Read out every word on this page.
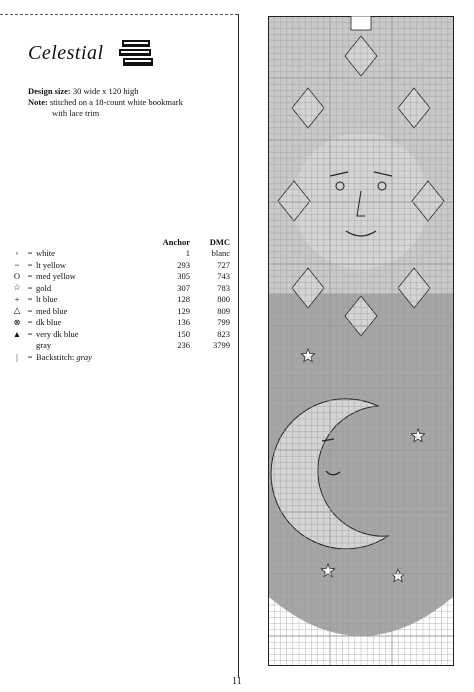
Celestial
Design size: 30 wide x 120 high
Note: stitched on a 18-count white bookmark
with lace trim
			Anchor	DMC
◦	=	white	1	blanc
~	=	lt yellow	293	727
O	=	med yellow	305	743
☆	=	gold	307	783
+	=	lt blue	128	800
△	=	med blue	129	809
⊗	=	dk blue	136	799
▲	=	very dk blue	150	823
		gray	236	3799
|	=	Backstitch: gray		
11
